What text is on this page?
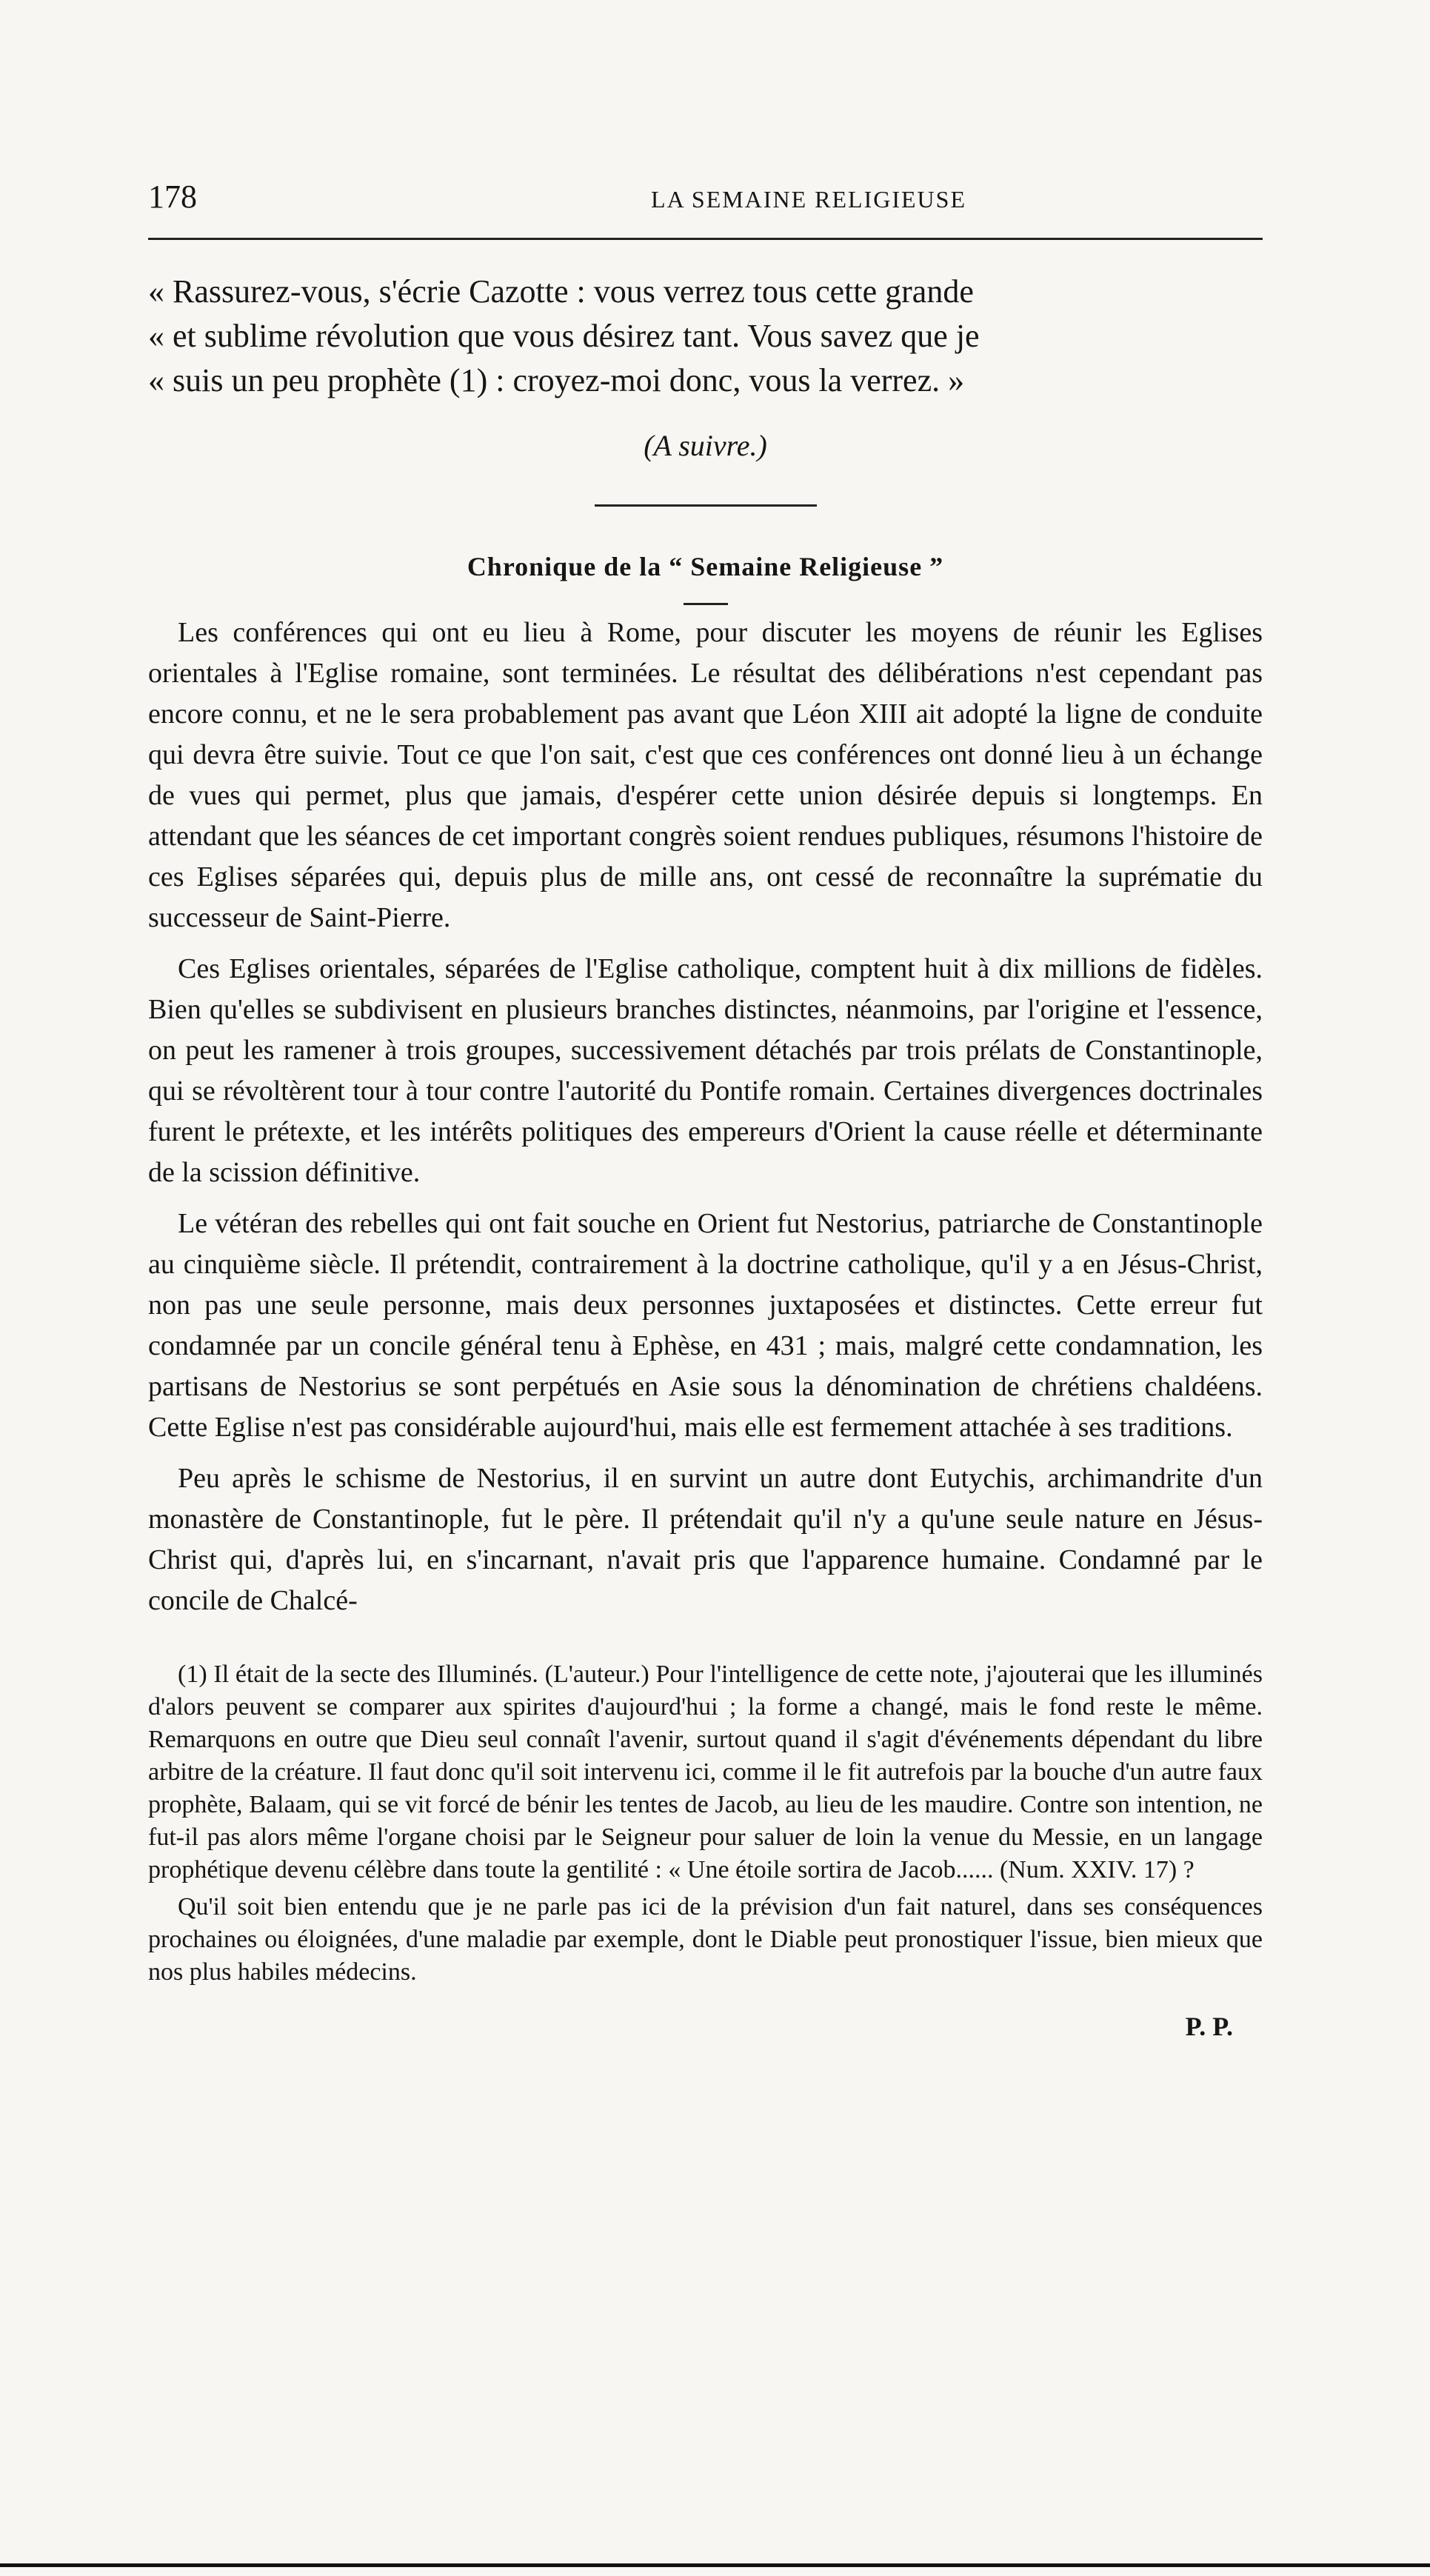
178	LA SEMAINE RELIGIEUSE

« Rassurez-vous, s'écrie Cazotte : vous verrez tous cette grande

« et sublime révolution que vous désirez tant. Vous savez que je

« suis un peu prophète (1) : croyez-moi donc, vous la verrez. »

(A suivre.)

Chronique de la “ Semaine Religieuse ”

Les conférences qui ont eu lieu à Rome, pour discuter les moyens de réunir les Eglises orientales à l'Eglise romaine, sont terminées. Le résultat des délibérations n'est cependant pas encore connu, et ne le sera probablement pas avant que Léon XIII ait adopté la ligne de conduite qui devra être suivie. Tout ce que l'on sait, c'est que ces conférences ont donné lieu à un échange de vues qui permet, plus que jamais, d'espérer cette union désirée depuis si longtemps. En attendant que les séances de cet important congrès soient rendues publiques, résumons l'histoire de ces Eglises séparées qui, depuis plus de mille ans, ont cessé de reconnaître la suprématie du successeur de Saint-Pierre.

Ces Eglises orientales, séparées de l'Eglise catholique, comptent huit à dix millions de fidèles. Bien qu'elles se subdivisent en plusieurs branches distinctes, néanmoins, par l'origine et l'essence, on peut les ramener à trois groupes, successivement détachés par trois prélats de Constantinople, qui se révoltèrent tour à tour contre l'autorité du Pontife romain. Certaines divergences doctrinales furent le prétexte, et les intérêts politiques des empereurs d'Orient la cause réelle et déterminante de la scission définitive.

Le vétéran des rebelles qui ont fait souche en Orient fut Nestorius, patriarche de Constantinople au cinquième siècle. Il prétendit, contrairement à la doctrine catholique, qu'il y a en Jésus-Christ, non pas une seule personne, mais deux personnes juxtaposées et distinctes. Cette erreur fut condamnée par un concile général tenu à Ephèse, en 431 ; mais, malgré cette condamnation, les partisans de Nestorius se sont perpétués en Asie sous la dénomination de chrétiens chaldéens. Cette Eglise n'est pas considérable aujourd'hui, mais elle est fermement attachée à ses traditions.

Peu après le schisme de Nestorius, il en survint un autre dont Eutychis, archimandrite d'un monastère de Constantinople, fut le père. Il prétendait qu'il n'y a qu'une seule nature en Jésus-Christ qui, d'après lui, en s'incarnant, n'avait pris que l'apparence humaine. Condamné par le concile de Chalcé-

(1) Il était de la secte des Illuminés. (L'auteur.) Pour l'intelligence de cette note, j'ajouterai que les illuminés d'alors peuvent se comparer aux spirites d'aujourd'hui ; la forme a changé, mais le fond reste le même. Remarquons en outre que Dieu seul connaît l'avenir, surtout quand il s'agit d'événements dépendant du libre arbitre de la créature. Il faut donc qu'il soit intervenu ici, comme il le fit autrefois par la bouche d'un autre faux prophète, Balaam, qui se vit forcé de bénir les tentes de Jacob, au lieu de les maudire. Contre son intention, ne fut-il pas alors même l'organe choisi par le Seigneur pour saluer de loin la venue du Messie, en un langage prophétique devenu célèbre dans toute la gentilité : « Une étoile sortira de Jacob...... (Num. XXIV. 17) ?

Qu'il soit bien entendu que je ne parle pas ici de la prévision d'un fait naturel, dans ses conséquences prochaines ou éloignées, d'une maladie par exemple, dont le Diable peut pronostiquer l'issue, bien mieux que nos plus habiles médecins.

P. P.
